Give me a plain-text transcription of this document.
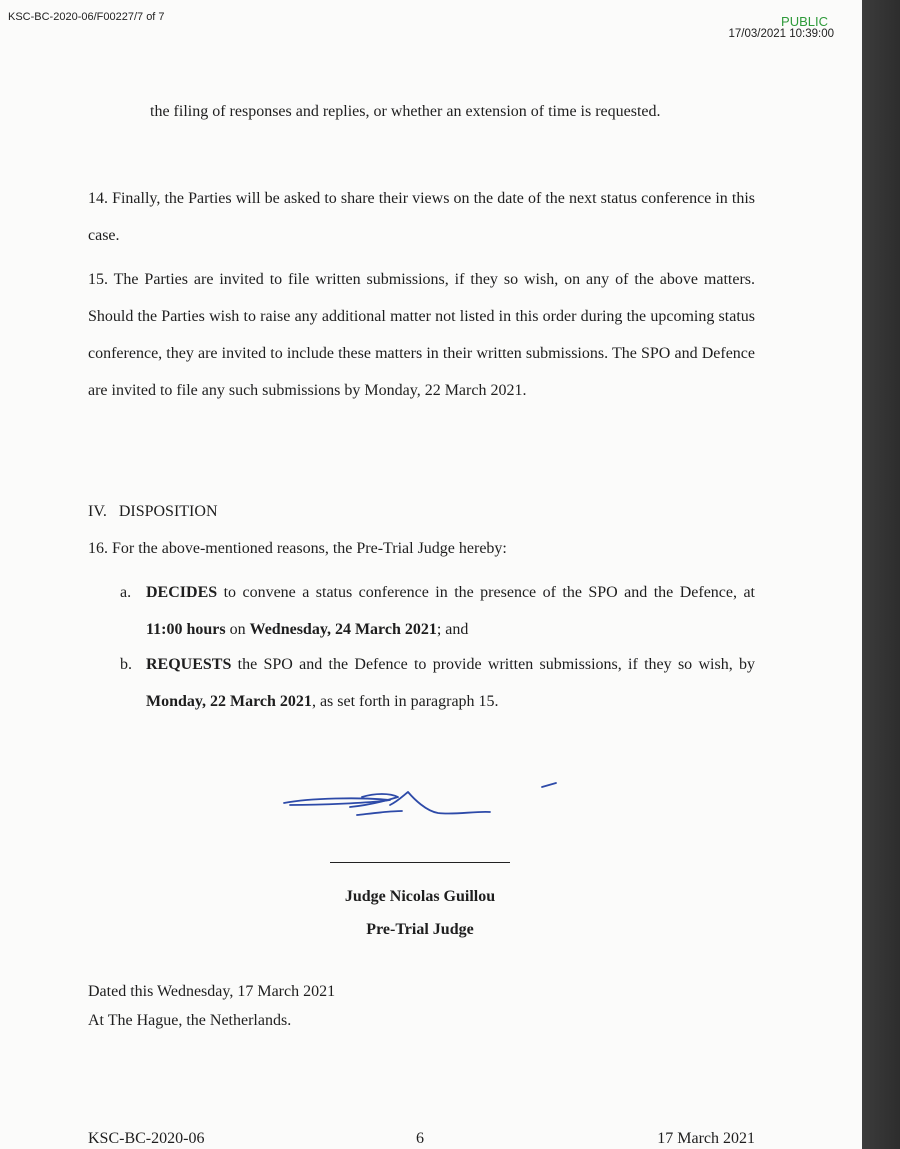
KSC-BC-2020-06/F00227/7 of 7	PUBLIC
17/03/2021 10:39:00

the filing of responses and replies, or whether an extension of time is requested.

14. Finally, the Parties will be asked to share their views on the date of the next status conference in this case.

15. The Parties are invited to file written submissions, if they so wish, on any of the above matters. Should the Parties wish to raise any additional matter not listed in this order during the upcoming status conference, they are invited to include these matters in their written submissions. The SPO and Defence are invited to file any such submissions by Monday, 22 March 2021.

IV.   DISPOSITION
16. For the above-mentioned reasons, the Pre-Trial Judge hereby:
a. DECIDES to convene a status conference in the presence of the SPO and the Defence, at 11:00 hours on Wednesday, 24 March 2021; and

b. REQUESTS the SPO and the Defence to provide written submissions, if they so wish, by Monday, 22 March 2021, as set forth in paragraph 15.

Judge Nicolas Guillou
Pre-Trial Judge
Dated this Wednesday, 17 March 2021
At The Hague, the Netherlands.
KSC-BC-2020-06	6	17 March 2021
